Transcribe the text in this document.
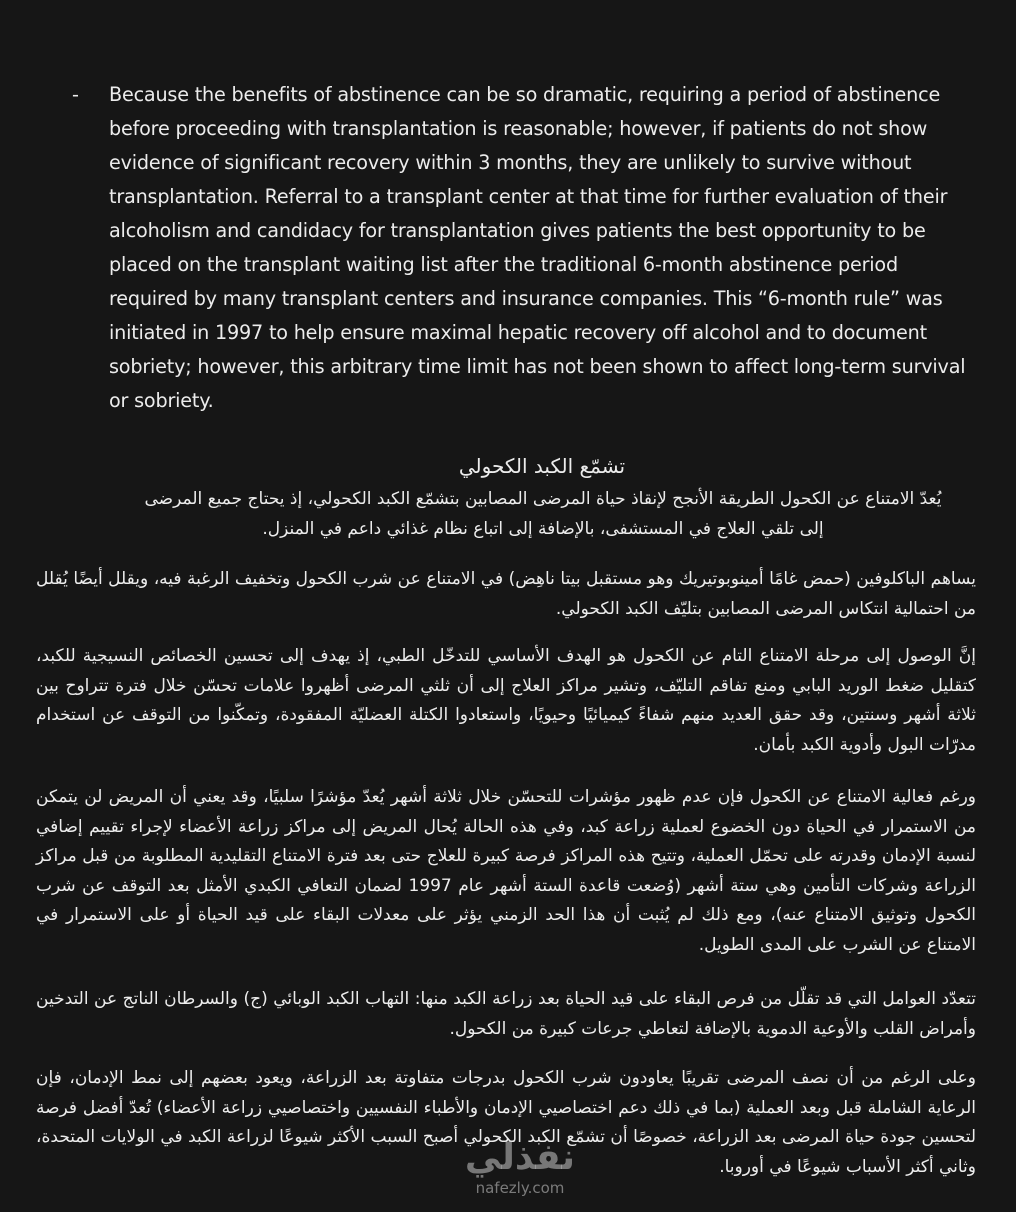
-	Because the benefits of abstinence can be so dramatic, requiring a period of abstinence before proceeding with transplantation is reasonable; however, if patients do not show evidence of significant recovery within 3 months, they are unlikely to survive without transplantation. Referral to a transplant center at that time for further evaluation of their alcoholism and candidacy for transplantation gives patients the best opportunity to be placed on the transplant waiting list after the traditional 6-month abstinence period required by many transplant centers and insurance companies. This “6-month rule” was initiated in 1997 to help ensure maximal hepatic recovery off alcohol and to document sobriety; however, this arbitrary time limit has not been shown to affect long-term survival or sobriety.

تشمّع الكبد الكحولي

يُعدّ الامتناع عن الكحول الطريقة الأنجح لإنقاذ حياة المرضى المصابين بتشمّع الكبد الكحولي، إذ يحتاج جميع المرضى إلى تلقي العلاج في المستشفى، بالإضافة إلى اتباع نظام غذائي داعم في المنزل.

يساهم الباكلوفين (حمض غامًا أمينوبوتيريك وهو مستقبل بيتا ناهِض) في الامتناع عن شرب الكحول وتخفيف الرغبة فيه، ويقلل أيضًا يُقلل من احتمالية انتكاس المرضى المصابين بتليّف الكبد الكحولي.

إنَّ الوصول إلى مرحلة الامتناع التام عن الكحول هو الهدف الأساسي للتدخّل الطبي، إذ يهدف إلى تحسين الخصائص النسيجية للكبد، كتقليل ضغط الوريد البابي ومنع تفاقم التليّف، وتشير مراكز العلاج إلى أن ثلثي المرضى أظهروا علامات تحسّن خلال فترة تتراوح بين ثلاثة أشهر وسنتين، وقد حقق العديد منهم شفاءً كيميائيًا وحيويًا، واستعادوا الكتلة العضليّة المفقودة، وتمكّنوا من التوقف عن استخدام مدرّات البول وأدوية الكبد بأمان.

ورغم فعالية الامتناع عن الكحول فإن عدم ظهور مؤشرات للتحسّن خلال ثلاثة أشهر يُعدّ مؤشرًا سلبيًا، وقد يعني أن المريض لن يتمكن من الاستمرار في الحياة دون الخضوع لعملية زراعة كبد، وفي هذه الحالة يُحال المريض إلى مراكز زراعة الأعضاء لإجراء تقييم إضافي لنسبة الإدمان وقدرته على تحمّل العملية، وتتيح هذه المراكز فرصة كبيرة للعلاج حتى بعد فترة الامتناع التقليدية المطلوبة من قبل مراكز الزراعة وشركات التأمين وهي ستة أشهر (وُضعت قاعدة الستة أشهر عام 1997 لضمان التعافي الكبدي الأمثل بعد التوقف عن شرب الكحول وتوثيق الامتناع عنه)، ومع ذلك لم يُثبت أن هذا الحد الزمني يؤثر على معدلات البقاء على قيد الحياة أو على الاستمرار في الامتناع عن الشرب على المدى الطويل.

تتعدّد العوامل التي قد تقلّل من فرص البقاء على قيد الحياة بعد زراعة الكبد منها: التهاب الكبد الوبائي (ج) والسرطان الناتج عن التدخين وأمراض القلب والأوعية الدموية بالإضافة لتعاطي جرعات كبيرة من الكحول.

وعلى الرغم من أن نصف المرضى تقريبًا يعاودون شرب الكحول بدرجات متفاوتة بعد الزراعة، ويعود بعضهم إلى نمط الإدمان، فإن الرعاية الشاملة قبل وبعد العملية (بما في ذلك دعم اختصاصيي الإدمان والأطباء النفسيين واختصاصيي زراعة الأعضاء) تُعدّ أفضل فرصة لتحسين جودة حياة المرضى بعد الزراعة، خصوصًا أن تشمّع الكبد الكحولي أصبح السبب الأكثر شيوعًا لزراعة الكبد في الولايات المتحدة، وثاني أكثر الأسباب شيوعًا في أوروبا.

نفذلي
nafezly.com
